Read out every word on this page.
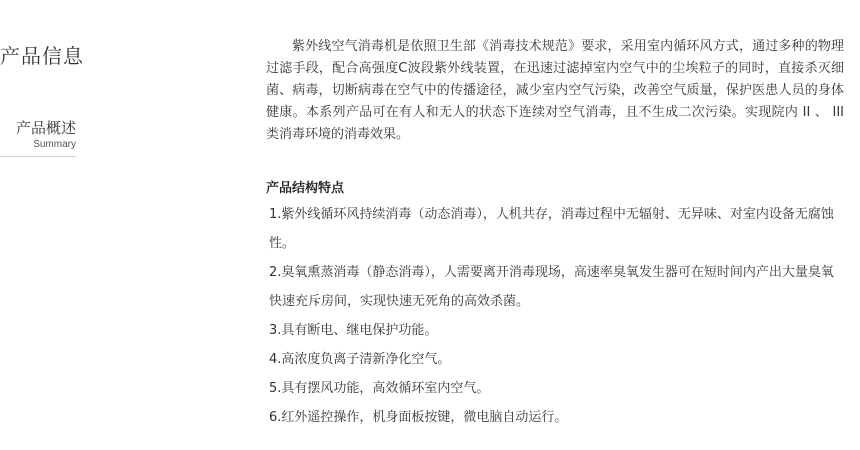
产品信息
产品概述
Summary

紫外线空气消毒机是依照卫生部《消毒技术规范》要求，采用室内循环风方式，通过多种的物理过滤手段，配合高强度C波段紫外线装置，在迅速过滤掉室内空气中的尘埃粒子的同时，直接杀灭细菌、病毒，切断病毒在空气中的传播途径，减少室内空气污染，改善空气质量，保护医患人员的身体健康。本系列产品可在有人和无人的状态下连续对空气消毒，且不生成二次污染。实现院内 II 、 III 类消毒环境的消毒效果。

产品结构特点
1.紫外线循环风持续消毒（动态消毒），人机共存，消毒过程中无辐射、无异味、对室内设备无腐蚀性。
2.臭氧熏蒸消毒（静态消毒），人需要离开消毒现场，高速率臭氧发生器可在短时间内产出大量臭氧快速充斥房间，实现快速无死角的高效杀菌。
3.具有断电、继电保护功能。
4.高浓度负离子清新净化空气。
5.具有摆风功能，高效循环室内空气。
6.红外遥控操作，机身面板按键，微电脑自动运行。
